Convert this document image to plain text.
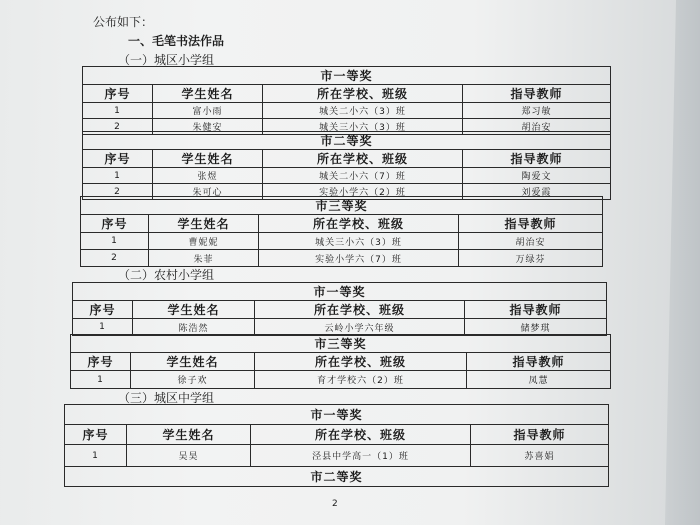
公布如下：
一、毛笔书法作品
（一）城区小学组
市一等奖			
序号	学生姓名	所在学校、班级	指导教师
1	富小雨	城关二小六（3）班	郑习敏
2	朱健安	城关三小六（3）班	胡治安
市二等奖			
序号	学生姓名	所在学校、班级	指导教师
1	张煜	城关二小六（7）班	陶爱文
2	朱可心	实验小学六（2）班	刘爱霞
市三等奖			
序号	学生姓名	所在学校、班级	指导教师
1	曹妮妮	城关三小六（3）班	胡治安
2	朱菲	实验小学六（7）班	万绿芬
（二）农村小学组
市一等奖			
序号	学生姓名	所在学校、班级	指导教师
1	陈浩然	云岭小学六年级	储梦琪
市三等奖			
序号	学生姓名	所在学校、班级	指导教师
1	徐子欢	育才学校六（2）班	凤慧
（三）城区中学组
市一等奖			
序号	学生姓名	所在学校、班级	指导教师
1	吴昊	泾县中学高一（1）班	苏喜娟
市二等奖			
2
